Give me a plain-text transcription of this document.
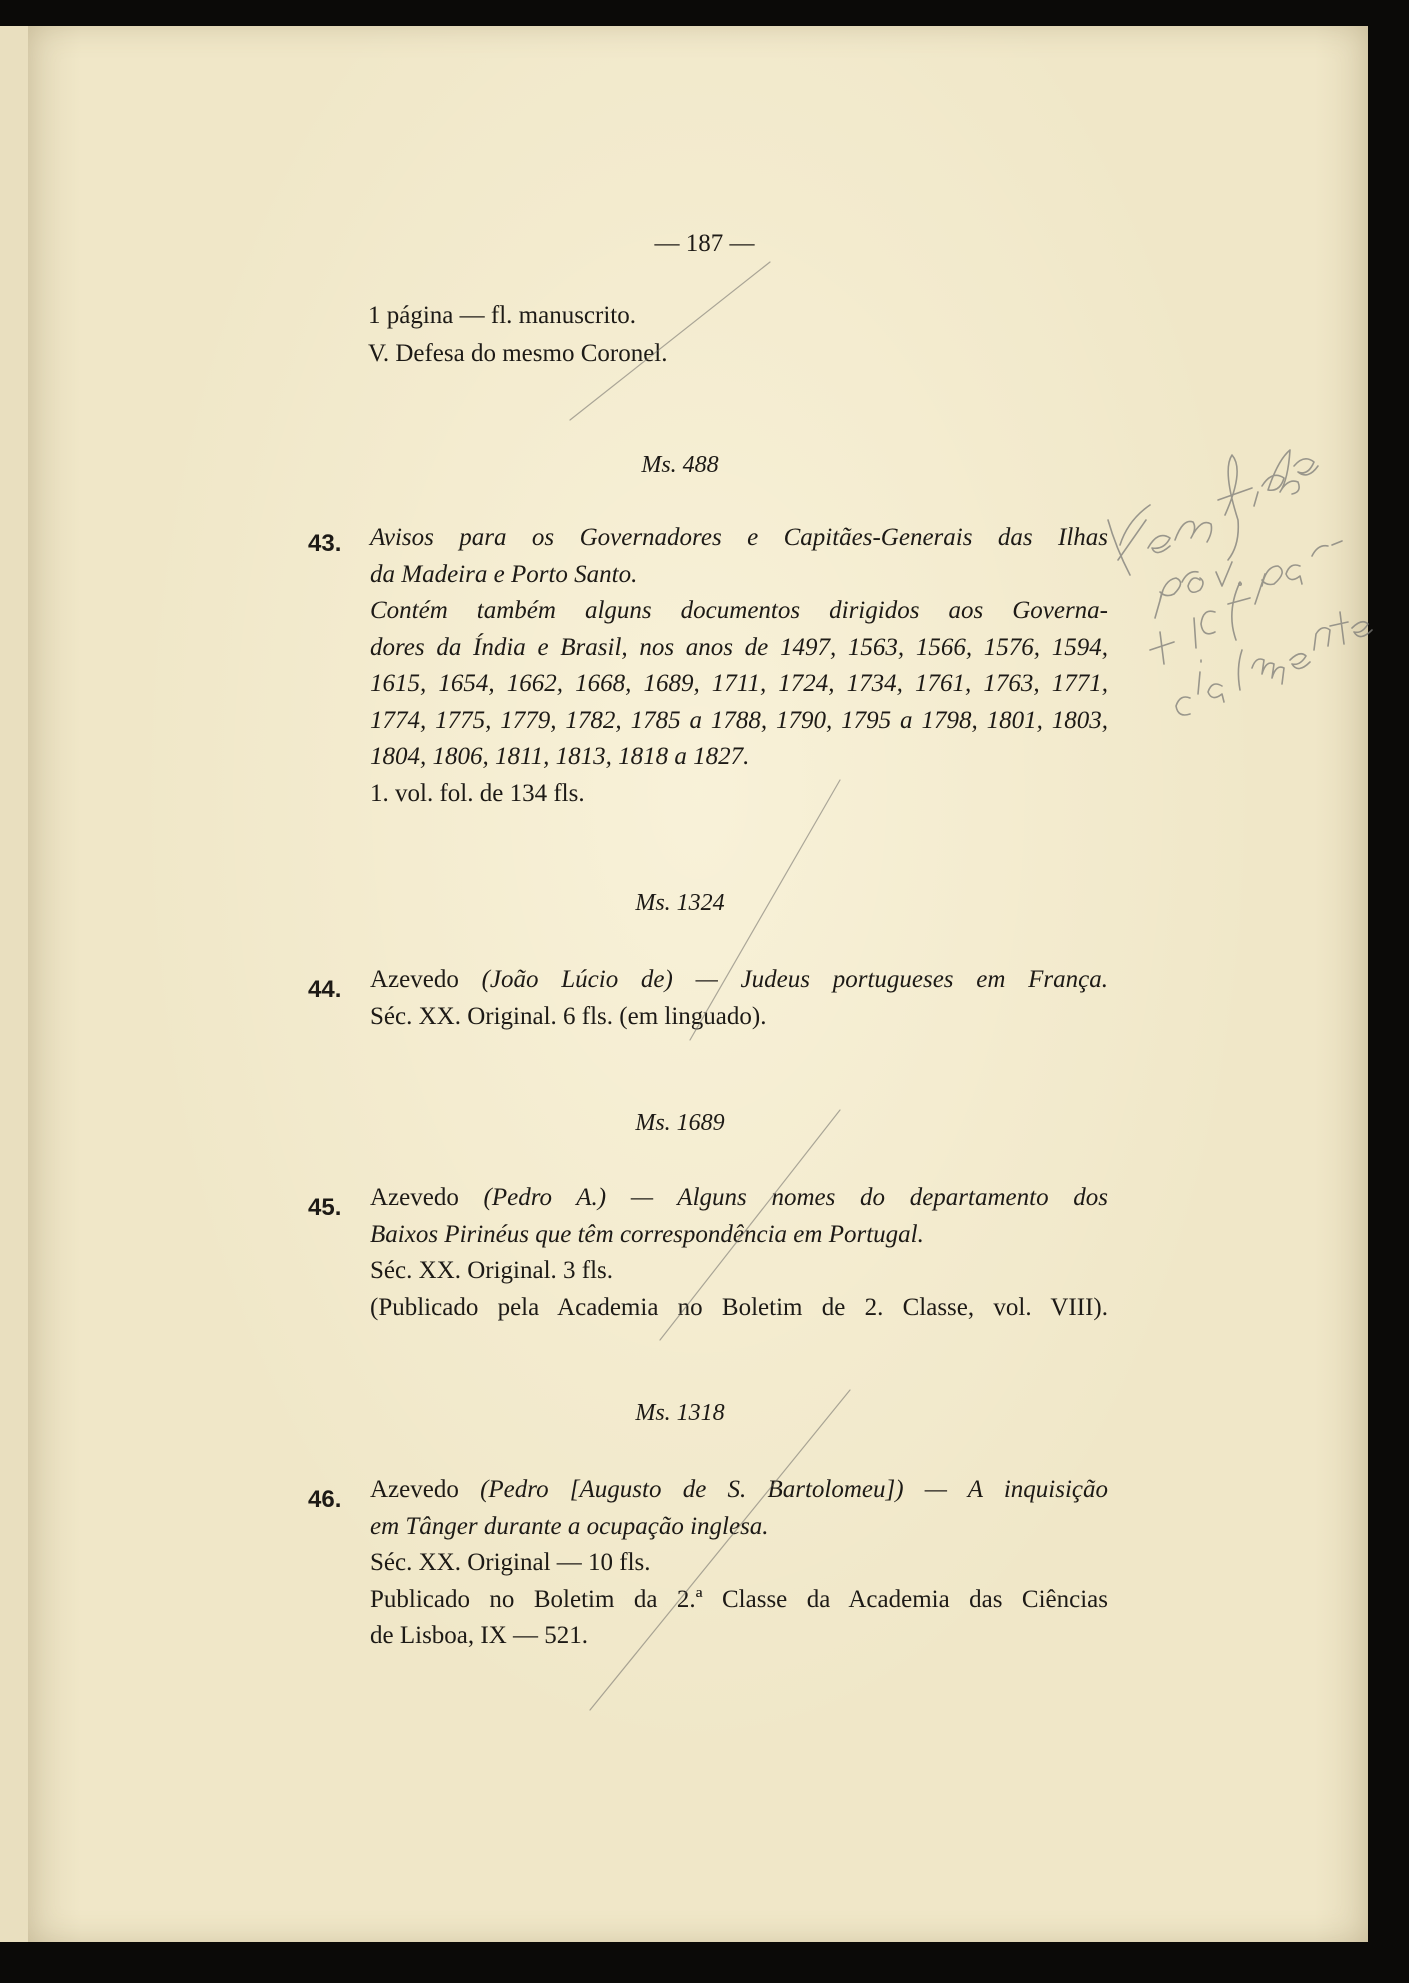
— 187 —
1 página — fl. manuscrito.
V. Defesa do mesmo Coronel.
Ms. 488
43. Avisos para os Governadores e Capitães-Generais das Ilhas
da Madeira e Porto Santo.
Contém também alguns documentos dirigidos aos Governa-
dores da Índia e Brasil, nos anos de 1497, 1563, 1566, 1576, 1594,
1615, 1654, 1662, 1668, 1689, 1711, 1724, 1734, 1761, 1763, 1771,
1774, 1775, 1779, 1782, 1785 a 1788, 1790, 1795 a 1798, 1801, 1803,
1804, 1806, 1811, 1813, 1818 a 1827.
1. vol. fol. de 134 fls.
Ms. 1324
44. Azevedo (João Lúcio de) — Judeus portugueses em França.
Séc. XX. Original. 6 fls. (em linguado).
Ms. 1689
45. Azevedo (Pedro A.) — Alguns nomes do departamento dos
Baixos Pirinéus que têm correspondência em Portugal.
Séc. XX. Original. 3 fls.
(Publicado pela Academia no Boletim de 2. Classe, vol. VIII).
Ms. 1318
46. Azevedo (Pedro [Augusto de S. Bartolomeu]) — A inquisição
em Tânger durante a ocupação inglesa.
Séc. XX. Original — 10 fls.
Publicado no Boletim da 2.ª Classe da Academia das Ciências
de Lisboa, IX — 521.
